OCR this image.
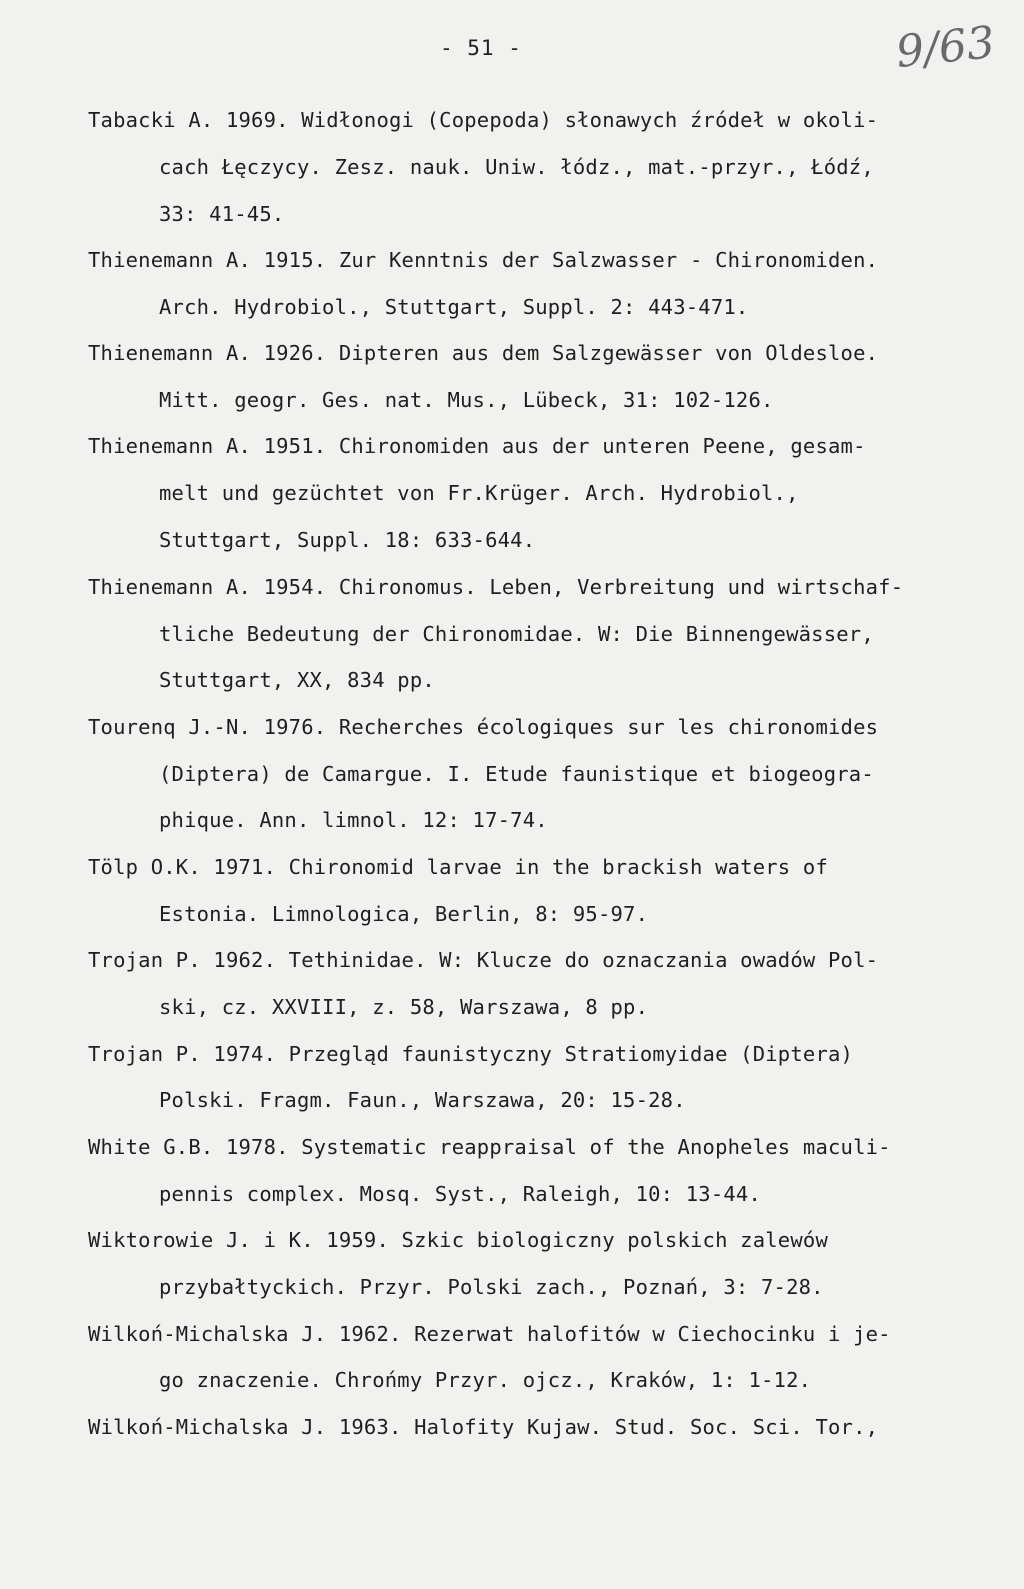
- 51 -	9/63
Tabacki A. 1969. Widłonogi (Copepoda) słonawych źródeł w okoli-
cach Łęczycy. Zesz. nauk. Uniw. łódz., mat.-przyr., Łódź,
33: 41-45.
Thienemann A. 1915. Zur Kenntnis der Salzwasser - Chironomiden.
Arch. Hydrobiol., Stuttgart, Suppl. 2: 443-471.
Thienemann A. 1926. Dipteren aus dem Salzgewässer von Oldesloe.
Mitt. geogr. Ges. nat. Mus., Lübeck, 31: 102-126.
Thienemann A. 1951. Chironomiden aus der unteren Peene, gesam-
melt und gezüchtet von Fr.Krüger. Arch. Hydrobiol.,
Stuttgart, Suppl. 18: 633-644.
Thienemann A. 1954. Chironomus. Leben, Verbreitung und wirtschaf-
tliche Bedeutung der Chironomidae. W: Die Binnengewässer,
Stuttgart, XX, 834 pp.
Tourenq J.-N. 1976. Recherches écologiques sur les chironomides
(Diptera) de Camargue. I. Etude faunistique et biogeogra-
phique. Ann. limnol. 12: 17-74.
Tölp O.K. 1971. Chironomid larvae in the brackish waters of
Estonia. Limnologica, Berlin, 8: 95-97.
Trojan P. 1962. Tethinidae. W: Klucze do oznaczania owadów Pol-
ski, cz. XXVIII, z. 58, Warszawa, 8 pp.
Trojan P. 1974. Przegląd faunistyczny Stratiomyidae (Diptera)
Polski. Fragm. Faun., Warszawa, 20: 15-28.
White G.B. 1978. Systematic reappraisal of the Anopheles maculi-
pennis complex. Mosq. Syst., Raleigh, 10: 13-44.
Wiktorowie J. i K. 1959. Szkic biologiczny polskich zalewów
przybałtyckich. Przyr. Polski zach., Poznań, 3: 7-28.
Wilkoń-Michalska J. 1962. Rezerwat halofitów w Ciechocinku i je-
go znaczenie. Chrońmy Przyr. ojcz., Kraków, 1: 1-12.
Wilkoń-Michalska J. 1963. Halofity Kujaw. Stud. Soc. Sci. Tor.,
